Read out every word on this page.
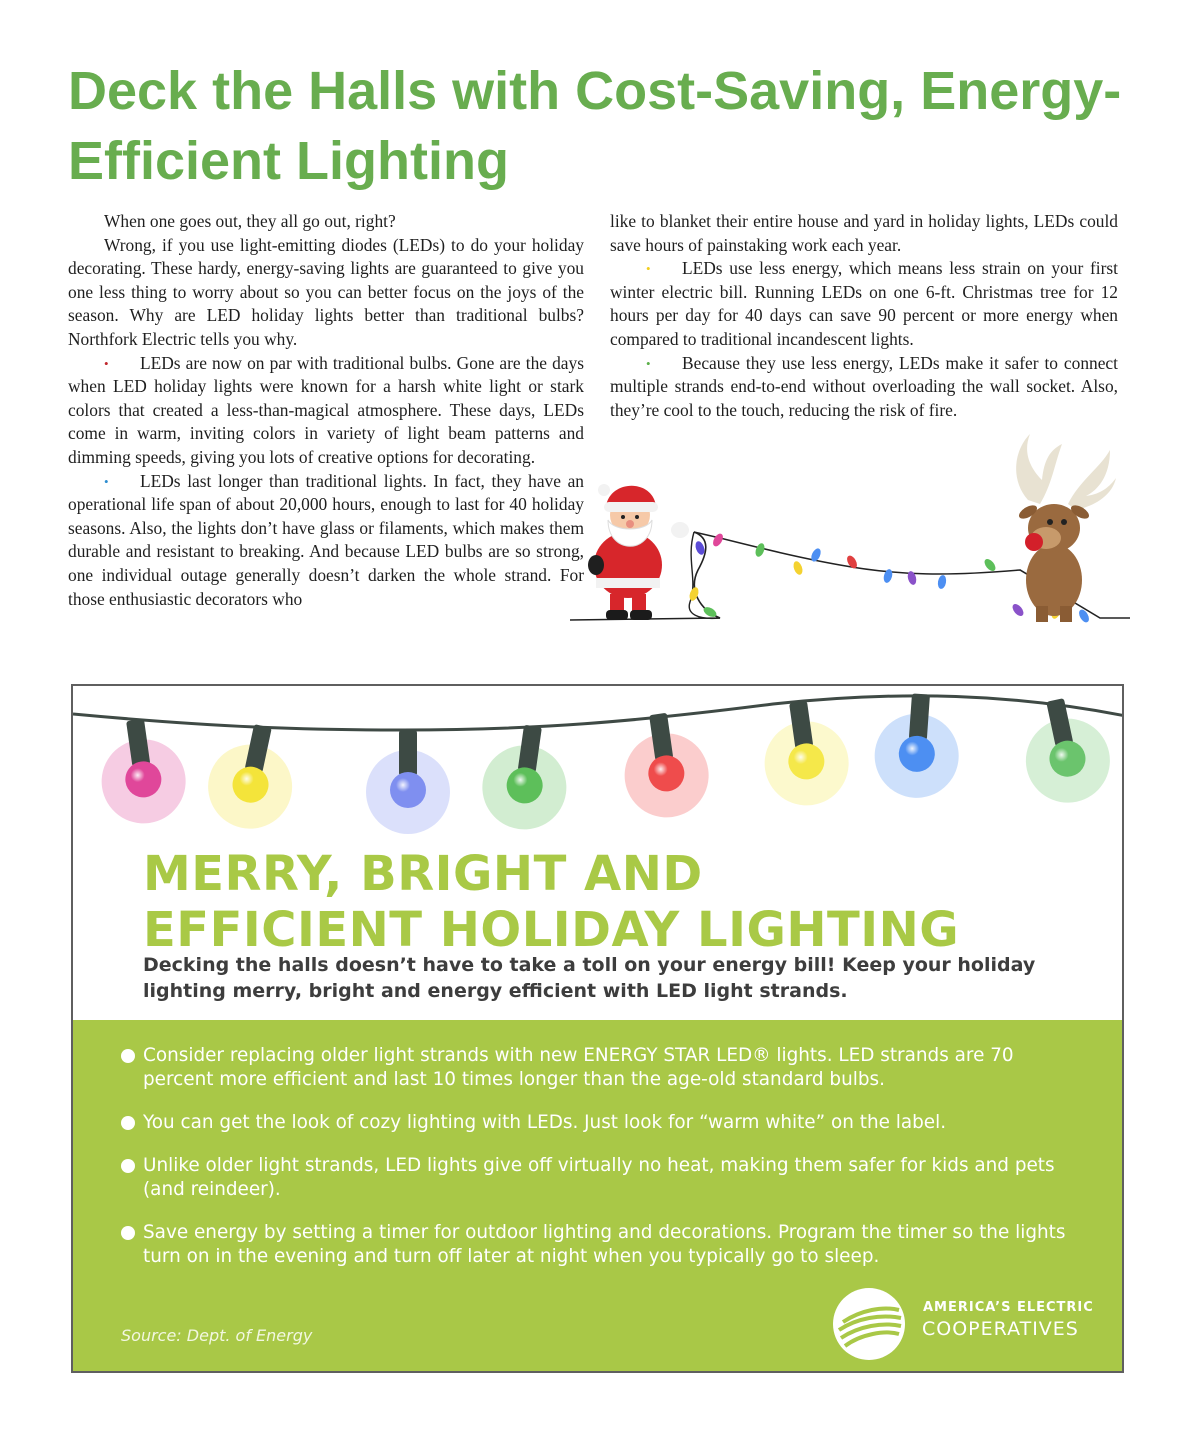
Deck the Halls with Cost-Saving, Energy-Efficient Lighting

When one goes out, they all go out, right?

Wrong, if you use light-emitting diodes (LEDs) to do your holiday decorating. These hardy, energy-saving lights are guaranteed to give you one less thing to worry about so you can better focus on the joys of the season. Why are LED holiday lights better than traditional bulbs? Northfork Electric tells you why.

• LEDs are now on par with traditional bulbs. Gone are the days when LED holiday lights were known for a harsh white light or stark colors that created a less-than-magical atmosphere. These days, LEDs come in warm, inviting colors in variety of light beam patterns and dimming speeds, giving you lots of creative options for decorating.

• LEDs last longer than traditional lights. In fact, they have an operational life span of about 20,000 hours, enough to last for 40 holiday seasons. Also, the lights don’t have glass or filaments, which makes them durable and resistant to breaking. And because LED bulbs are so strong, one individual outage generally doesn’t darken the whole strand. For those enthusiastic decorators who

like to blanket their entire house and yard in holiday lights, LEDs could save hours of painstaking work each year.

• LEDs use less energy, which means less strain on your first winter electric bill. Running LEDs on one 6-ft. Christmas tree for 12 hours per day for 40 days can save 90 percent or more energy when compared to traditional incandescent lights.

• Because they use less energy, LEDs make it safer to connect multiple strands end-to-end without overloading the wall socket. Also, they’re cool to the touch, reducing the risk of fire.

MERRY, BRIGHT AND
EFFICIENT HOLIDAY LIGHTING

Decking the halls doesn’t have to take a toll on your energy bill! Keep your holiday lighting merry, bright and energy efficient with LED light strands.

Consider replacing older light strands with new ENERGY STAR LED® lights. LED strands are 70 percent more efficient and last 10 times longer than the age-old standard bulbs.
You can get the look of cozy lighting with LEDs. Just look for “warm white” on the label.
Unlike older light strands, LED lights give off virtually no heat, making them safer for kids and pets (and reindeer).
Save energy by setting a timer for outdoor lighting and decorations. Program the timer so the lights turn on in the evening and turn off later at night when you typically go to sleep.
Source: Dept. of Energy
AMERICA’S ELECTRIC
COOPERATIVES
